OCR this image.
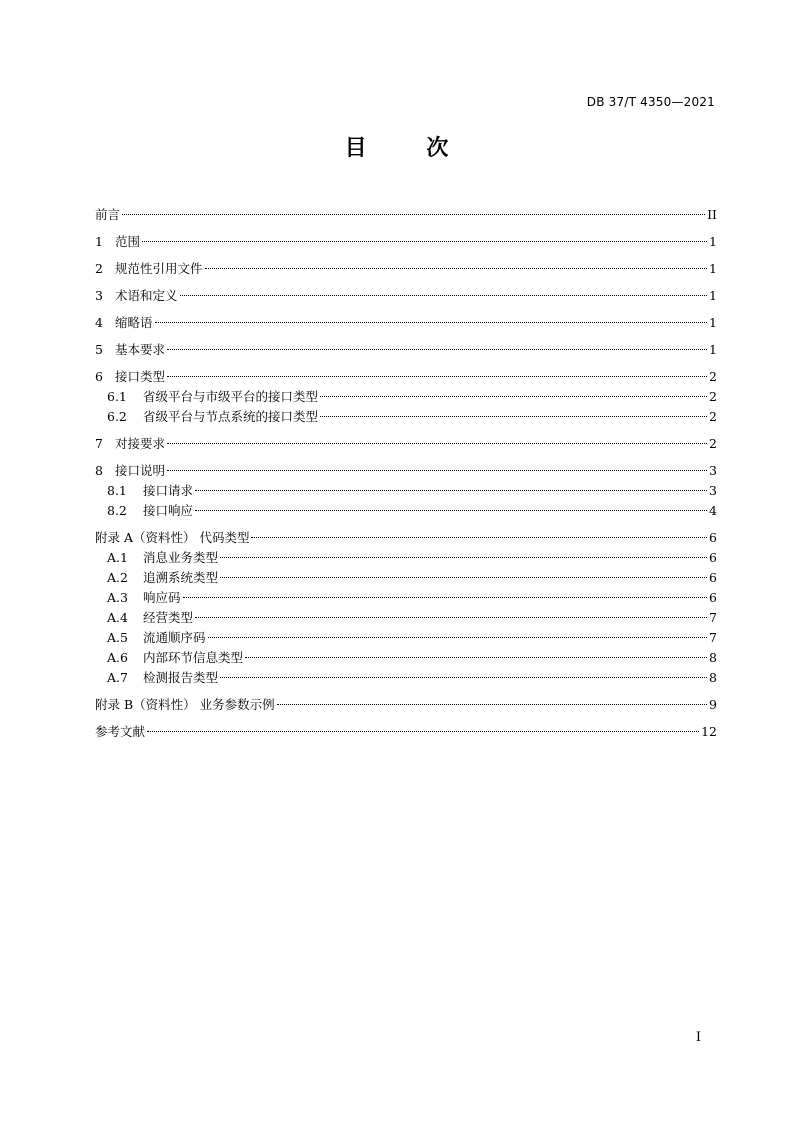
DB 37/T 4350—2021
目 次
前言	II
1 范围	1
2 规范性引用文件	1
3 术语和定义	1
4 缩略语	1
5 基本要求	1
6 接口类型	2
6.1	省级平台与市级平台的接口类型	2
6.2	省级平台与节点系统的接口类型	2
7 对接要求	2
8 接口说明	3
8.1	接口请求	3
8.2	接口响应	4
附录 A（资料性） 代码类型	6
A.1	消息业务类型	6
A.2	追溯系统类型	6
A.3	响应码	6
A.4	经营类型	7
A.5	流通顺序码	7
A.6	内部环节信息类型	8
A.7	检测报告类型	8
附录 B（资料性） 业务参数示例	9
参考文献	12
I
